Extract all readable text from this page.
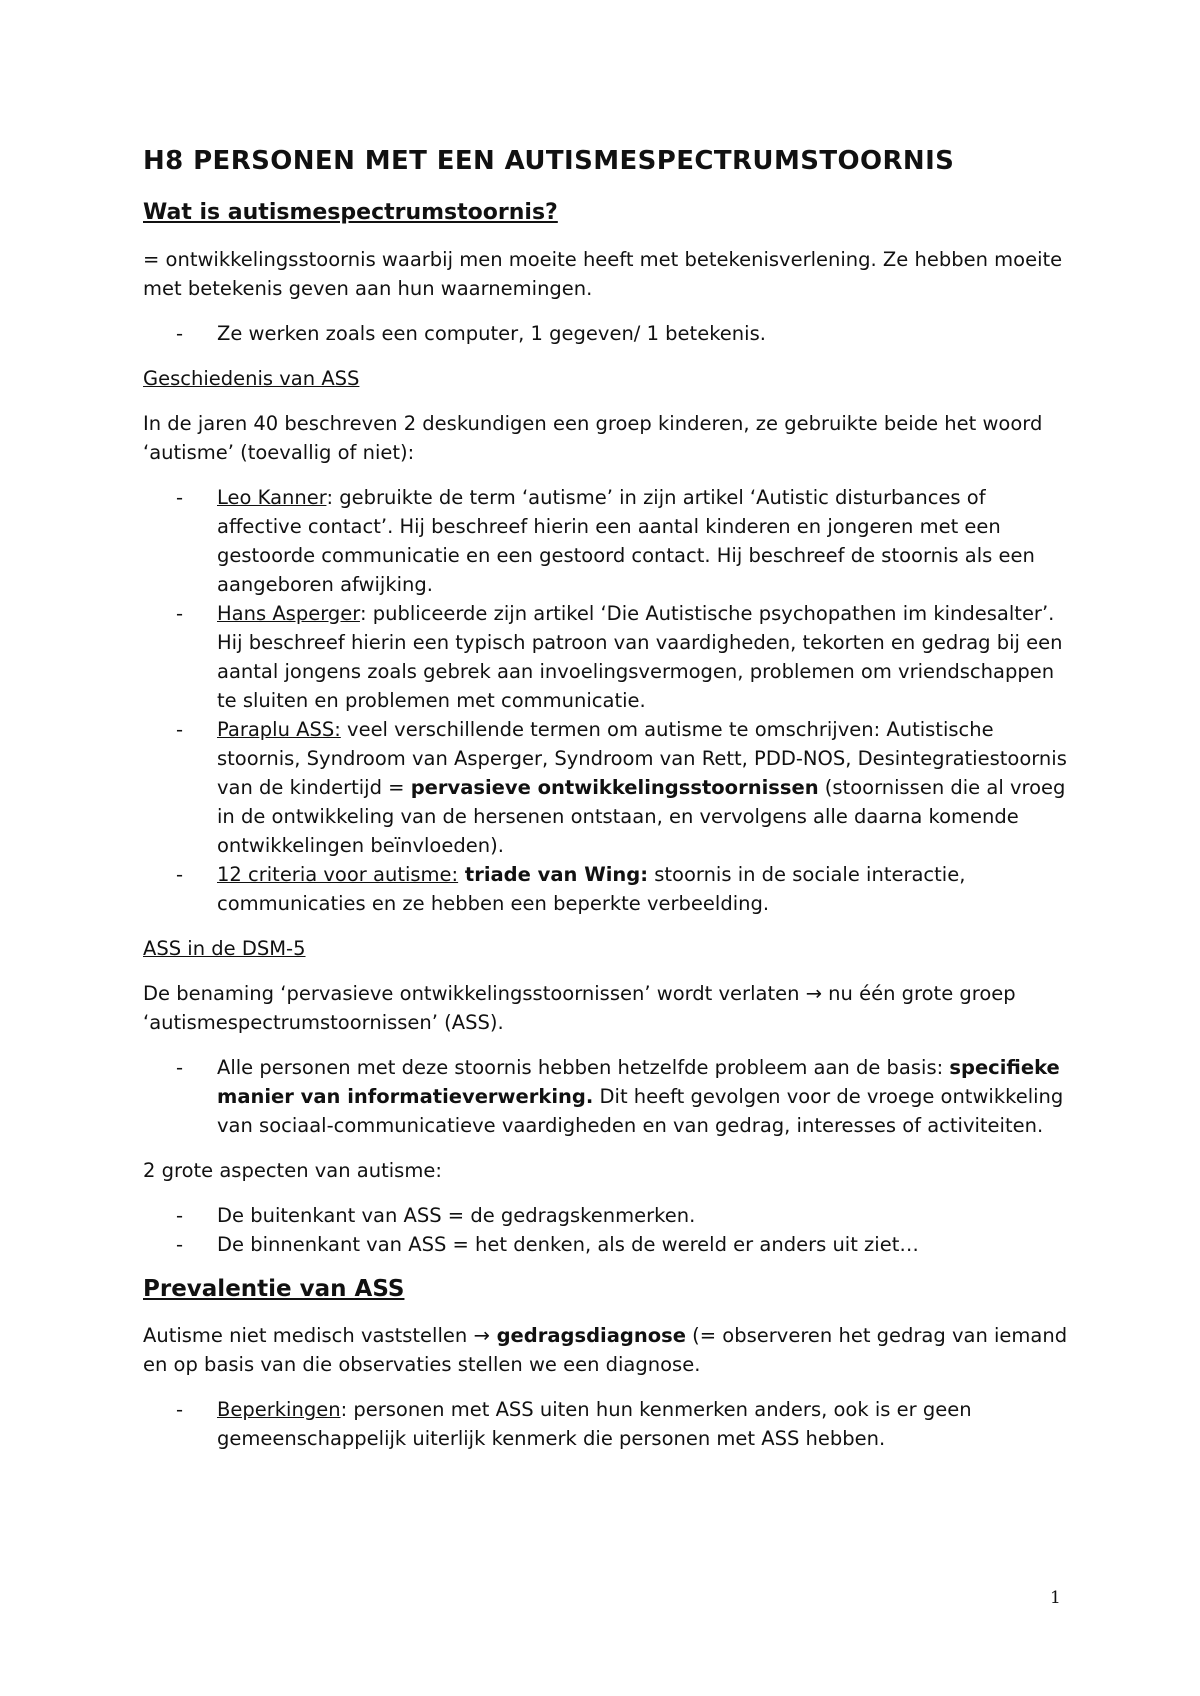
H8 PERSONEN MET EEN AUTISMESPECTRUMSTOORNIS
Wat is autismespectrumstoornis?

= ontwikkelingsstoornis waarbij men moeite heeft met betekenisverlening. Ze hebben moeite met betekenis geven aan hun waarnemingen.

- Ze werken zoals een computer, 1 gegeven/ 1 betekenis.

Geschiedenis van ASS

In de jaren 40 beschreven 2 deskundigen een groep kinderen, ze gebruikte beide het woord ‘autisme’ (toevallig of niet):

- Leo Kanner: gebruikte de term ‘autisme’ in zijn artikel ‘Autistic disturbances of affective contact’. Hij beschreef hierin een aantal kinderen en jongeren met een gestoorde communicatie en een gestoord contact. Hij beschreef de stoornis als een aangeboren afwijking.
- Hans Asperger: publiceerde zijn artikel ‘Die Autistische psychopathen im kindesalter’. Hij beschreef hierin een typisch patroon van vaardigheden, tekorten en gedrag bij een aantal jongens zoals gebrek aan invoelingsvermogen, problemen om vriendschappen te sluiten en problemen met communicatie.
- Paraplu ASS: veel verschillende termen om autisme te omschrijven: Autistische stoornis, Syndroom van Asperger, Syndroom van Rett, PDD-NOS, Desintegratiestoornis van de kindertijd = pervasieve ontwikkelingsstoornissen (stoornissen die al vroeg in de ontwikkeling van de hersenen ontstaan, en vervolgens alle daarna komende ontwikkelingen beïnvloeden).
- 12 criteria voor autisme: triade van Wing: stoornis in de sociale interactie, communicaties en ze hebben een beperkte verbeelding.

ASS in de DSM-5

De benaming ‘pervasieve ontwikkelingsstoornissen’ wordt verlaten → nu één grote groep ‘autismespectrumstoornissen’ (ASS).

- Alle personen met deze stoornis hebben hetzelfde probleem aan de basis: specifieke manier van informatieverwerking. Dit heeft gevolgen voor de vroege ontwikkeling van sociaal-communicatieve vaardigheden en van gedrag, interesses of activiteiten.

2 grote aspecten van autisme:

- De buitenkant van ASS = de gedragskenmerken.
- De binnenkant van ASS = het denken, als de wereld er anders uit ziet…
Prevalentie van ASS

Autisme niet medisch vaststellen → gedragsdiagnose (= observeren het gedrag van iemand en op basis van die observaties stellen we een diagnose.

- Beperkingen: personen met ASS uiten hun kenmerken anders, ook is er geen gemeenschappelijk uiterlijk kenmerk die personen met ASS hebben.
1
